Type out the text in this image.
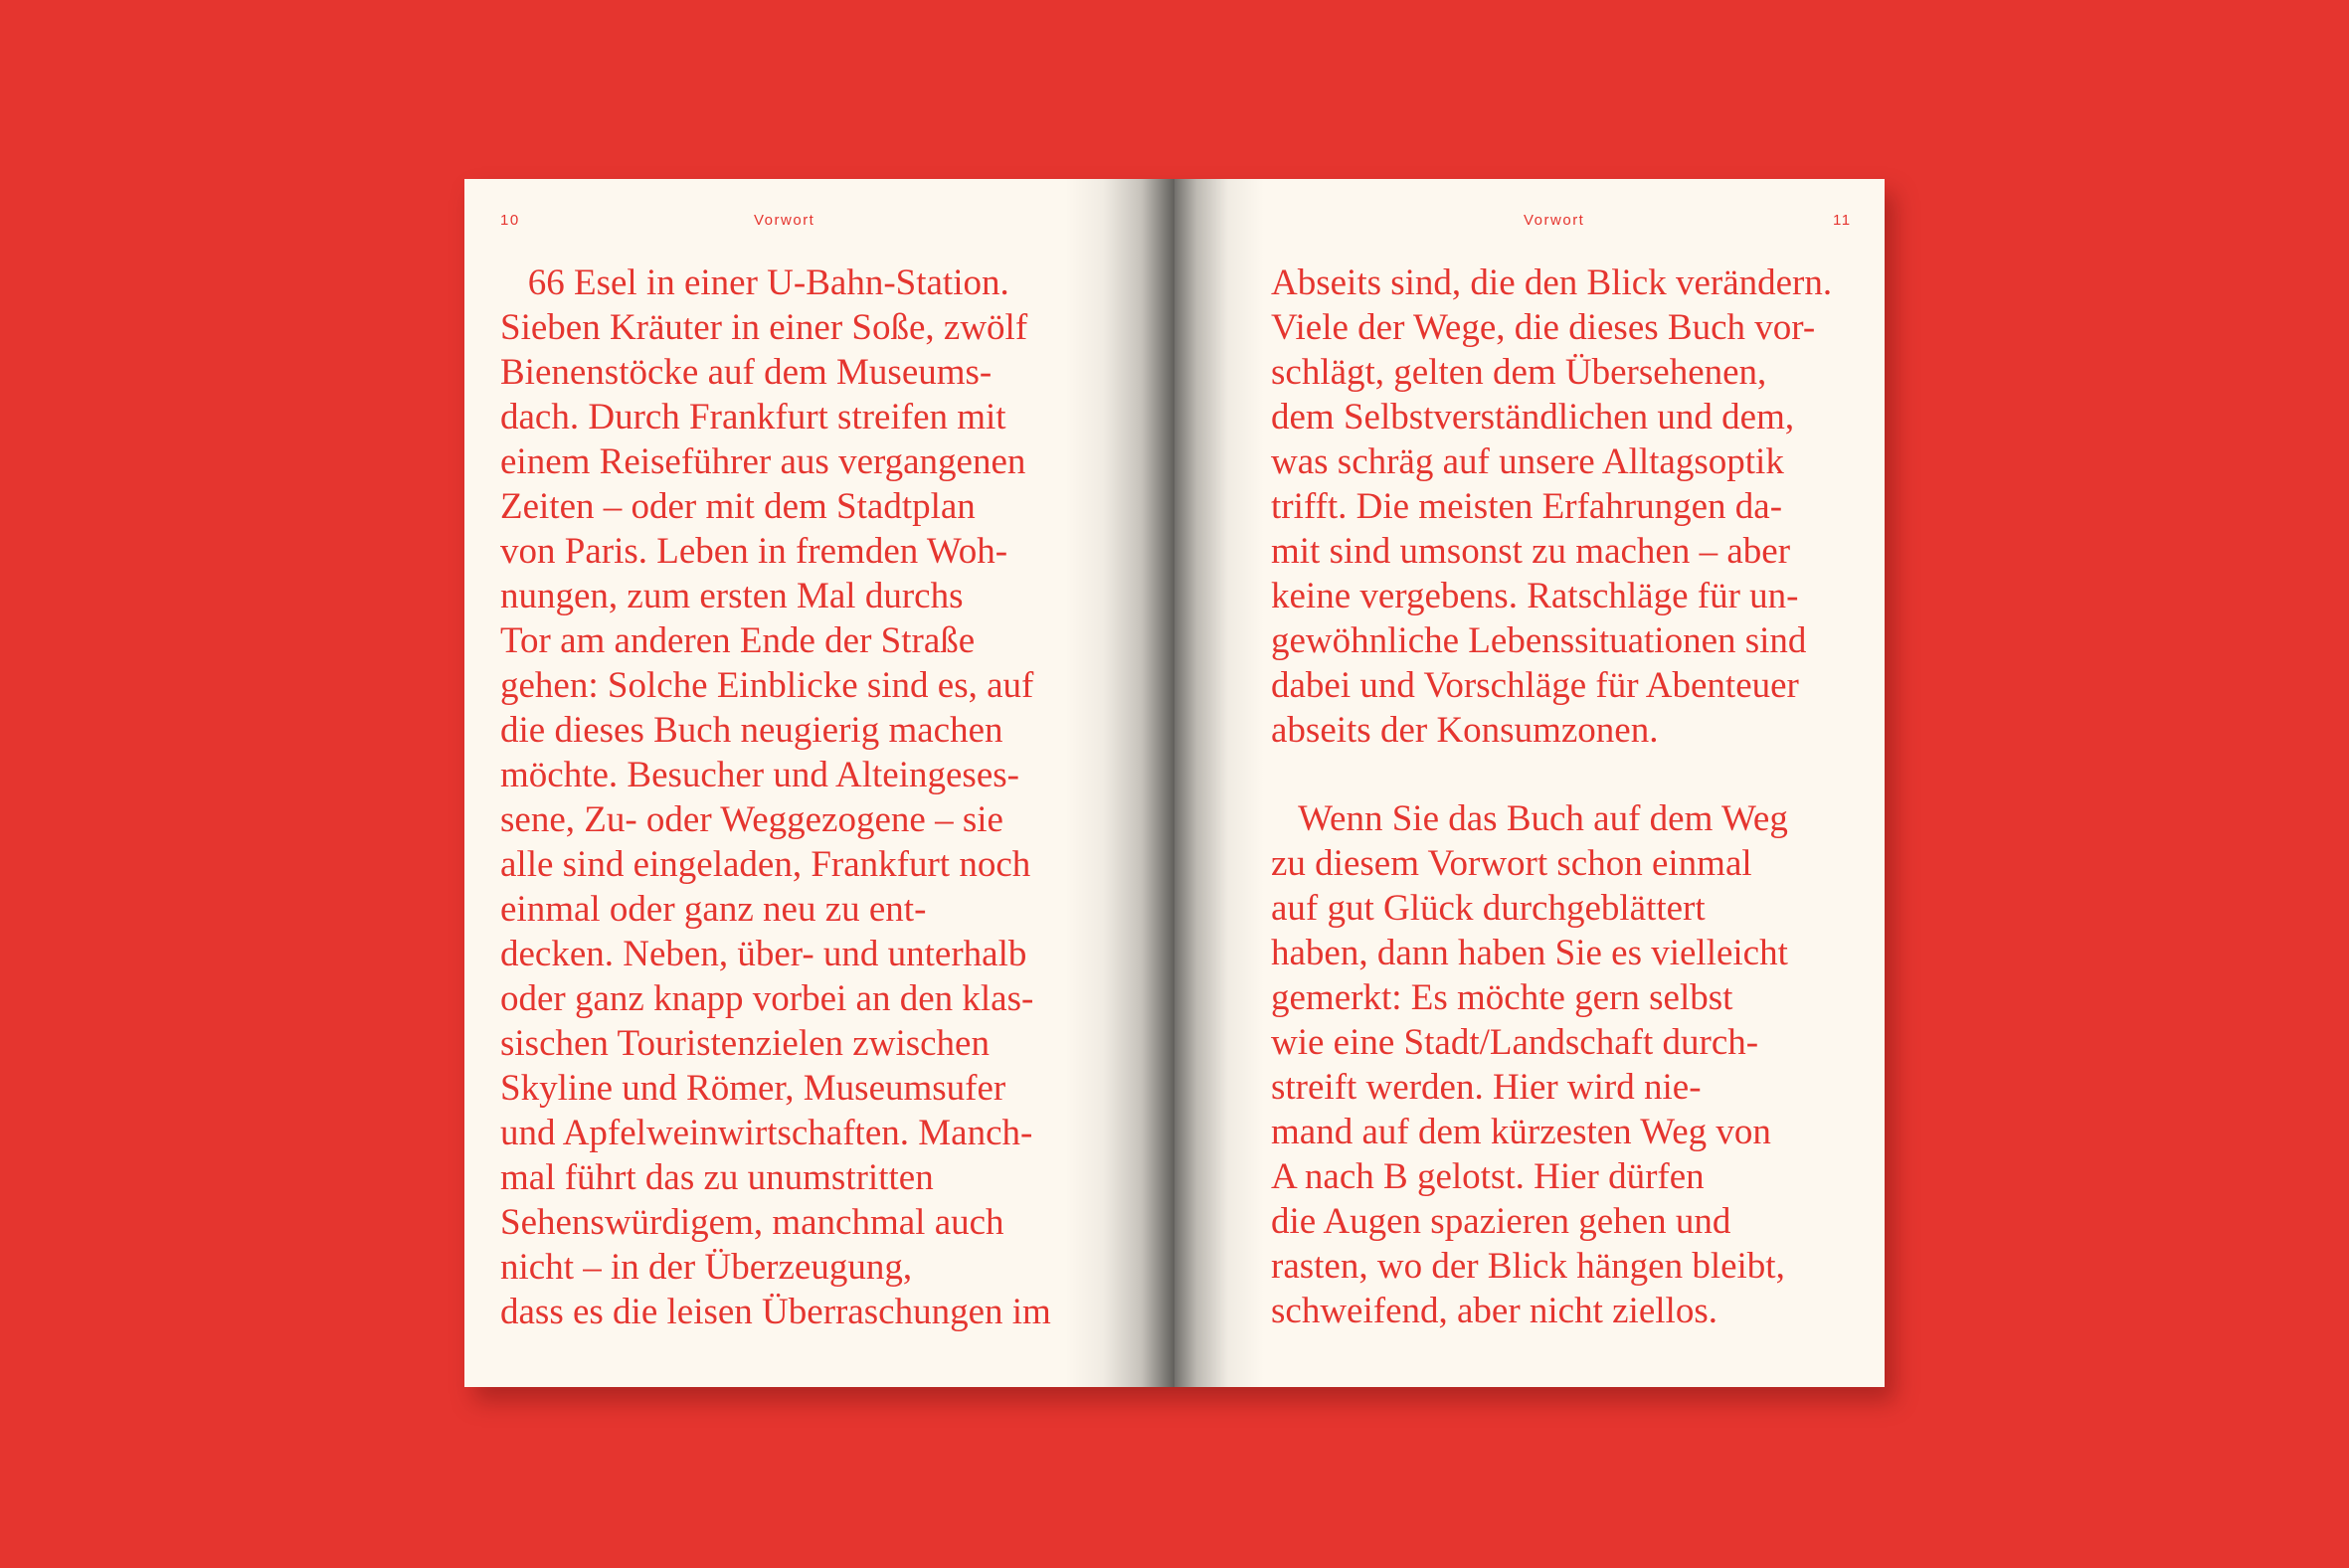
10	Vorwort	Vorwort	11
66 Esel in einer U-Bahn-Station.
Sieben Kräuter in einer Soße, zwölf
Bienenstöcke auf dem Museums-
dach. Durch Frankfurt streifen mit
einem Reiseführer aus vergangenen
Zeiten – oder mit dem Stadtplan
von Paris. Leben in fremden Woh-
nungen, zum ersten Mal durchs
Tor am anderen Ende der Straße
gehen: Solche Einblicke sind es, auf
die dieses Buch neugierig machen
möchte. Besucher und Alteingeses-
sene, Zu- oder Weggezogene – sie
alle sind eingeladen, Frankfurt noch
einmal oder ganz neu zu ent-
decken. Neben, über- und unterhalb
oder ganz knapp vorbei an den klas-
sischen Touristenzielen zwischen
Skyline und Römer, Museumsufer
und Apfelweinwirtschaften. Manch-
mal führt das zu unumstritten
Sehenswürdigem, manchmal auch
nicht – in der Überzeugung,
dass es die leisen Überraschungen im
Abseits sind, die den Blick verändern.
Viele der Wege, die dieses Buch vor-
schlägt, gelten dem Übersehenen,
dem Selbstverständlichen und dem,
was schräg auf unsere Alltagsoptik
trifft. Die meisten Erfahrungen da-
mit sind umsonst zu machen – aber
keine vergebens. Ratschläge für un-
gewöhnliche Lebenssituationen sind
dabei und Vorschläge für Abenteuer
abseits der Konsumzonen.
Wenn Sie das Buch auf dem Weg
zu diesem Vorwort schon einmal
auf gut Glück durchgeblättert
haben, dann haben Sie es vielleicht
gemerkt: Es möchte gern selbst
wie eine Stadt/Landschaft durch-
streift werden. Hier wird nie-
mand auf dem kürzesten Weg von
A nach B gelotst. Hier dürfen
die Augen spazieren gehen und
rasten, wo der Blick hängen bleibt,
schweifend, aber nicht ziellos.
